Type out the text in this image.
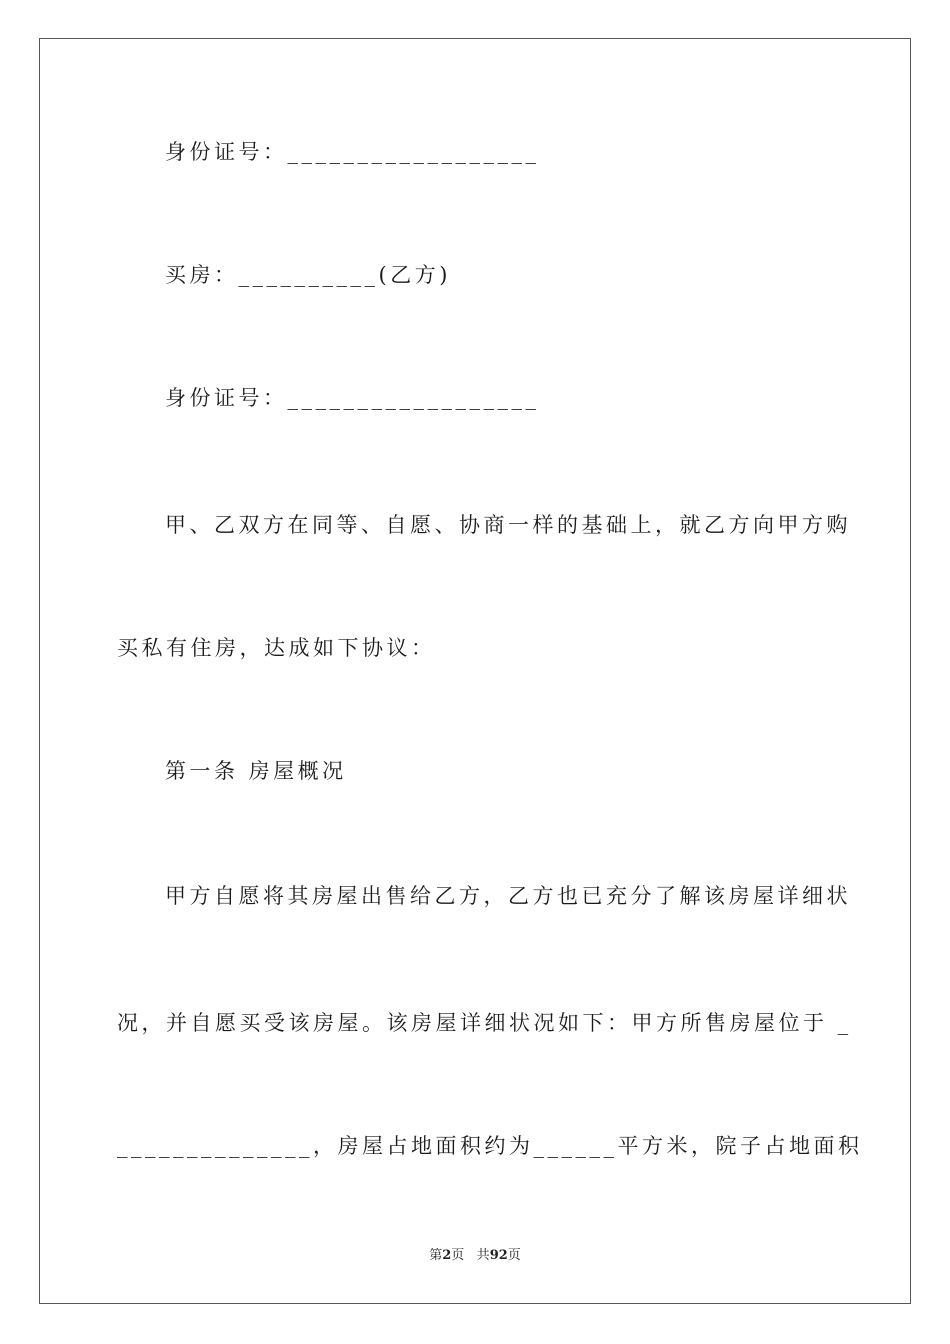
身份证号：__________________
买房：__________(乙方)
身份证号：__________________
甲、乙双方在同等、自愿、协商一样的基础上，就乙方向甲方购
买私有住房，达成如下协议：
第一条 房屋概况
甲方自愿将其房屋出售给乙方，乙方也已充分了解该房屋详细状
况，并自愿买受该房屋。该房屋详细状况如下：甲方所售房屋位于 _
______________，房屋占地面积约为______平方米，院子占地面积
第2页 共92页
